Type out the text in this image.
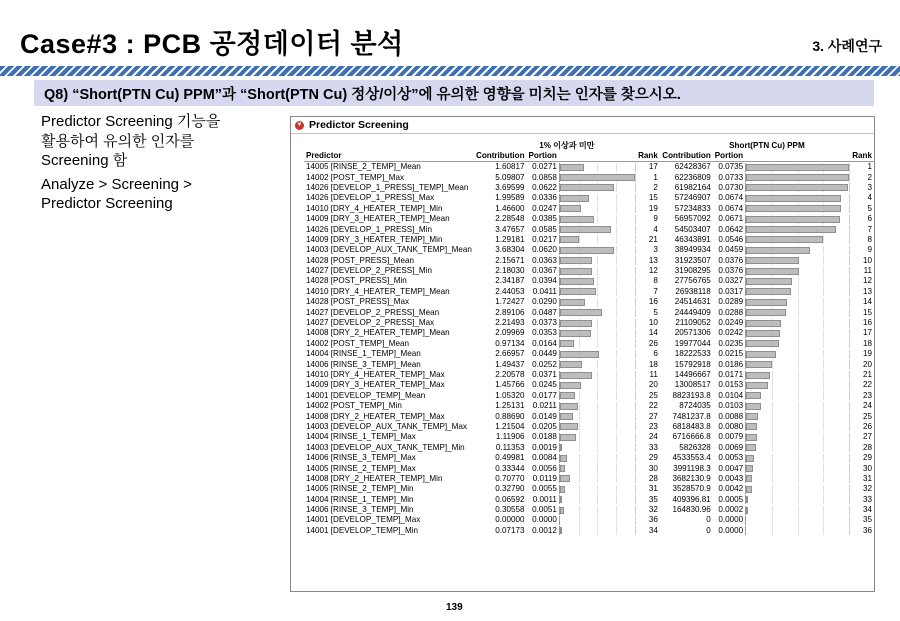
Case#3 : PCB 공정데이터 분석	3. 사례연구
Q8) “Short(PTN Cu) PPM”과 “Short(PTN Cu) 정상/이상”에 유의한 영향을 미치는 인자를 찾으시오.
Predictor Screening 기능을
활용하여 유의한 인자를
Screening 함
Analyze > Screening >
Predictor Screening
▼ Predictor Screening
	1% 이상과 미만				Short(PTN Cu) PPM			
Predictor	Contribution	Portion		Rank	Contribution	Portion		Rank
14005 [RINSE_2_TEMP]_Mean	1.60817	0.0271		17	62428367	0.0735		1
14002 [POST_TEMP]_Max	5.09807	0.0858		1	62236809	0.0733		2
14026 [DEVELOP_1_PRESS]_TEMP]_Mean	3.69599	0.0622		2	61982164	0.0730		3
14026 [DEVELOP_1_PRESS]_Max	1.99589	0.0336		15	57246907	0.0674		4
14010 [DRY_4_HEATER_TEMP]_Min	1.46600	0.0247		19	57234833	0.0674		5
14009 [DRY_3_HEATER_TEMP]_Mean	2.28548	0.0385		9	56957092	0.0671		6
14026 [DEVELOP_1_PRESS]_Min	3.47657	0.0585		4	54503407	0.0642		7
14009 [DRY_3_HEATER_TEMP]_Min	1.29181	0.0217		21	46343891	0.0546		8
14003 [DEVELOP_AUX_TANK_TEMP]_Mean	3.68304	0.0620		3	38949934	0.0459		9
14028 [POST_PRESS]_Mean	2.15671	0.0363		13	31923507	0.0376		10
14027 [DEVELOP_2_PRESS]_Min	2.18030	0.0367		12	31908295	0.0376		11
14028 [POST_PRESS]_Min	2.34187	0.0394		8	27756765	0.0327		12
14010 [DRY_4_HEATER_TEMP]_Mean	2.44053	0.0411		7	26938118	0.0317		13
14028 [POST_PRESS]_Max	1.72427	0.0290		16	24514631	0.0289		14
14027 [DEVELOP_2_PRESS]_Mean	2.89106	0.0487		5	24449409	0.0288		15
14027 [DEVELOP_2_PRESS]_Max	2.21493	0.0373		10	21109052	0.0249		16
14008 [DRY_2_HEATER_TEMP]_Mean	2.09969	0.0353		14	20571306	0.0242		17
14002 [POST_TEMP]_Mean	0.97134	0.0164		26	19977044	0.0235		18
14004 [RINSE_1_TEMP]_Mean	2.66957	0.0449		6	18222533	0.0215		19
14006 [RINSE_3_TEMP]_Mean	1.49437	0.0252		18	15792918	0.0186		20
14010 [DRY_4_HEATER_TEMP]_Max	2.20578	0.0371		11	14496667	0.0171		21
14009 [DRY_3_HEATER_TEMP]_Max	1.45766	0.0245		20	13008517	0.0153		22
14001 [DEVELOP_TEMP]_Mean	1.05320	0.0177		25	8823193.8	0.0104		23
14002 [POST_TEMP]_Min	1.25131	0.0211		22	8724035	0.0103		24
14008 [DRY_2_HEATER_TEMP]_Max	0.88690	0.0149		27	7481237.8	0.0088		25
14003 [DEVELOP_AUX_TANK_TEMP]_Max	1.21504	0.0205		23	6818483.8	0.0080		26
14004 [RINSE_1_TEMP]_Max	1.11906	0.0188		24	6716666.8	0.0079		27
14003 [DEVELOP_AUX_TANK_TEMP]_Min	0.11353	0.0019		33	5826328	0.0069		28
14006 [RINSE_3_TEMP]_Max	0.49981	0.0084		29	4533553.4	0.0053		29
14005 [RINSE_2_TEMP]_Max	0.33344	0.0056		30	3991198.3	0.0047		30
14008 [DRY_2_HEATER_TEMP]_Min	0.70770	0.0119		28	3682130.9	0.0043		31
14005 [RINSE_2_TEMP]_Min	0.32790	0.0055		31	3528570.9	0.0042		32
14004 [RINSE_1_TEMP]_Min	0.06592	0.0011		35	409396.81	0.0005		33
14006 [RINSE_3_TEMP]_Min	0.30558	0.0051		32	164830.96	0.0002		34
14001 [DEVELOP_TEMP]_Max	0.00000	0.0000		36	0	0.0000		35
14001 [DEVELOP_TEMP]_Min	0.07173	0.0012		34	0	0.0000		36
139
